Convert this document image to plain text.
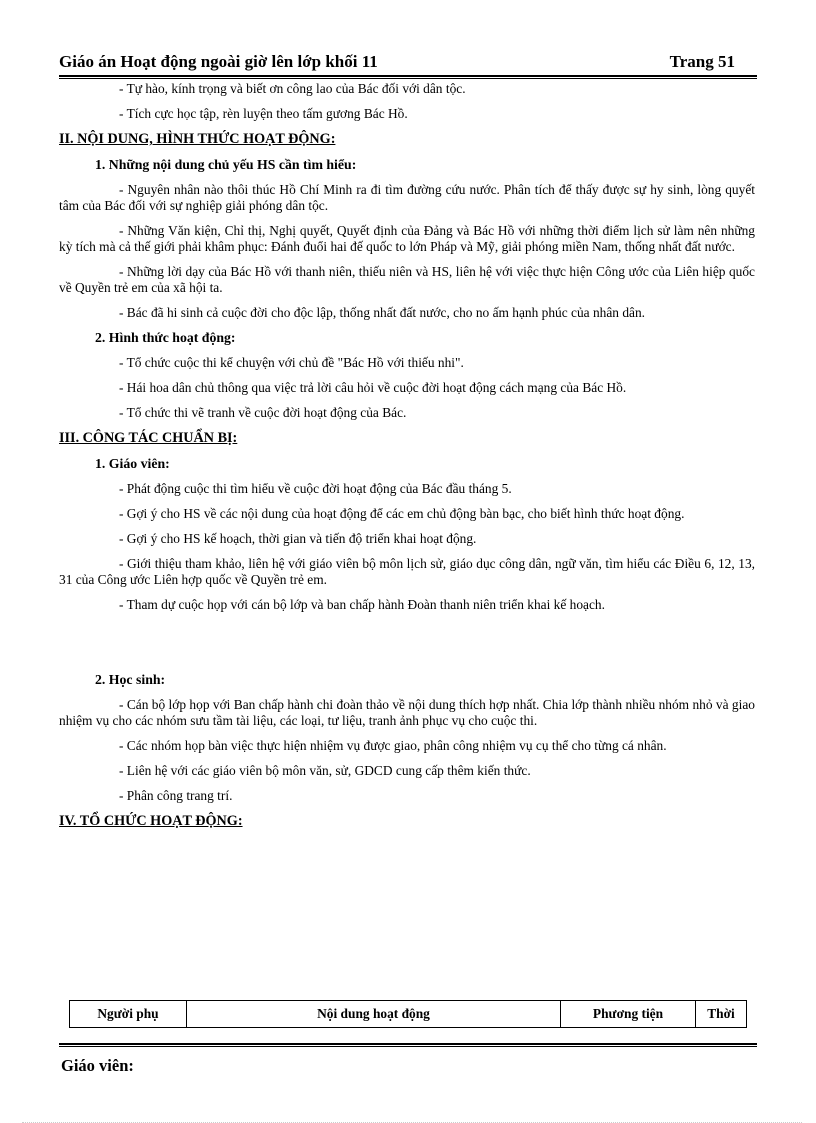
Giáo án Hoạt động ngoài giờ lên lớp khối 11	Trang 51

- Tự hào, kính trọng và biết ơn công lao của Bác đối với dân tộc.

- Tích cực học tập, rèn luyện theo tấm gương Bác Hồ.

II. NỘI DUNG, HÌNH THỨC HOẠT ĐỘNG:

1. Những nội dung chủ yếu HS cần tìm hiểu:

- Nguyên nhân nào thôi thúc Hồ Chí Minh ra đi tìm đường cứu nước. Phân tích để thấy được sự hy sinh, lòng quyết tâm của Bác đối với sự nghiệp giải phóng dân tộc.

- Những Văn kiện, Chỉ thị, Nghị quyết, Quyết định của Đảng và Bác Hồ với những thời điểm lịch sử làm nên những kỳ tích mà cả thế giới phải khâm phục: Đánh đuổi hai đế quốc to lớn Pháp và Mỹ, giải phóng miền Nam, thống nhất đất nước.

- Những lời dạy của Bác Hồ với thanh niên, thiếu niên và HS, liên hệ với việc thực hiện Công ước của Liên hiệp quốc về Quyền trẻ em của xã hội ta.

- Bác đã hi sinh cả cuộc đời cho độc lập, thống nhất đất nước, cho no ấm hạnh phúc của nhân dân.

2. Hình thức hoạt động:

- Tổ chức cuộc thi kể chuyện với chủ đề "Bác Hồ với thiếu nhi".

- Hái hoa dân chủ thông qua việc trả lời câu hỏi về cuộc đời hoạt động cách mạng của Bác Hồ.

- Tổ chức thi vẽ tranh về cuộc đời hoạt động của Bác.

III. CÔNG TÁC CHUẨN BỊ:

1. Giáo viên:

- Phát động cuộc thi tìm hiểu về cuộc đời hoạt động của Bác đầu tháng 5.

- Gợi ý cho HS về các nội dung của hoạt động để các em chủ động bàn bạc, cho biết hình thức hoạt động.

- Gợi ý cho HS kế hoạch, thời gian và tiến độ triển khai hoạt động.

- Giới thiệu tham khảo, liên hệ với giáo viên bộ môn lịch sử, giáo dục công dân, ngữ văn, tìm hiểu các Điều 6, 12, 13, 31 của Công ước Liên hợp quốc về Quyền trẻ em.

- Tham dự cuộc họp với cán bộ lớp và ban chấp hành Đoàn thanh niên triển khai kế hoạch.

2. Học sinh:

- Cán bộ lớp họp với Ban chấp hành chi đoàn thảo về nội dung thích hợp nhất. Chia lớp thành nhiều nhóm nhỏ và giao nhiệm vụ cho các nhóm sưu tầm tài liệu, các loại, tư liệu, tranh ảnh phục vụ cho cuộc thi.

- Các nhóm họp bàn việc thực hiện nhiệm vụ được giao, phân công nhiệm vụ cụ thể cho từng cá nhân.

- Liên hệ với các giáo viên bộ môn văn, sử, GDCD cung cấp thêm kiến thức.

- Phân công trang trí.

IV. TỔ CHỨC HOẠT ĐỘNG:

Người phụ	Nội dung hoạt động	Phương tiện	Thời
Giáo viên:
